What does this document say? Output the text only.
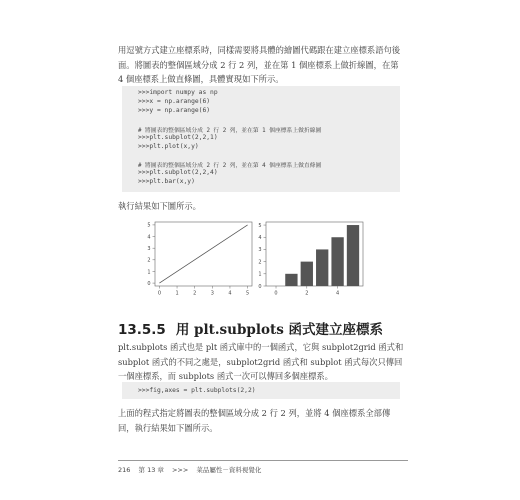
用逗號方式建立座標系時，同樣需要將具體的繪圖代碼跟在建立座標系語句後面。將圖表的整個區域分成 2 行 2 列，並在第 1 個座標系上做折線圖，在第 4 個座標系上做直條圖，具體實現如下所示。

>>>import numpy as np
>>>x = np.arange(6)
>>>y = np.arange(6)
# 將圖表的整個區域分成 2 行 2 列，並在第 1 個座標系上做折線圖
>>>plt.subplot(2,2,1)
>>>plt.plot(x,y)
# 將圖表的整個區域分成 2 行 2 列，並在第 4 個座標系上做直條圖
>>>plt.subplot(2,2,4)
>>>plt.bar(x,y)

執行結果如下圖所示。

0
1
2
3
4
5
0	1	2	3	4	5
0
1
2
3
4
5
0	2	4
13.5.5 用 plt.subplots 函式建立座標系

plt.subplots 函式也是 plt 函式庫中的一個函式，它與 subplot2grid 函式和 subplot 函式的不同之處是，subplot2grid 函式和 subplot 函式每次只傳回一個座標系，而 subplots 函式一次可以傳回多個座標系。

>>>fig,axes = plt.subplots(2,2)

上面的程式指定將圖表的整個區域分成 2 行 2 列，並將 4 個座標系全部傳回，執行結果如下圖所示。

216 第 13 章 >>> 菜品屬性－資料視覺化
